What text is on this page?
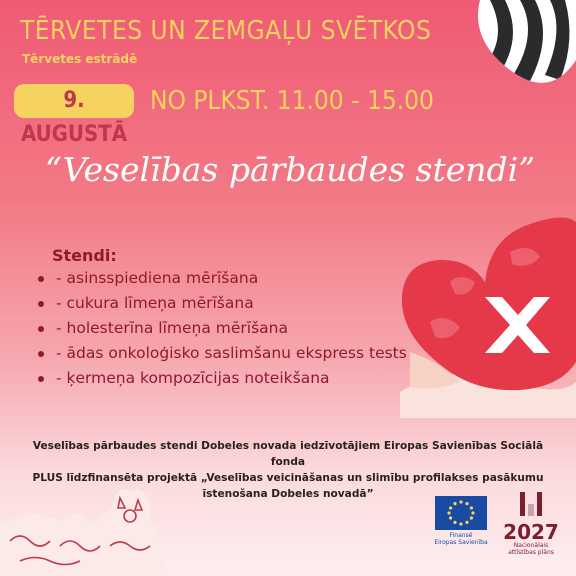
TĒRVETES UN ZEMGAĻU SVĒTKOS
Tērvetes estrādē
9. AUGUSTĀ
NO PLKST. 11.00 - 15.00
“Veselības pārbaudes stendi”
Stendi:
- asinsspiediena mērīšana
- cukura līmeņa mērīšana
- holesterīna līmeņa mērīšana
- ādas onkoloģisko saslimšanu ekspress tests
- ķermeņa kompozīcijas noteikšana
Veselības pārbaudes stendi Dobeles novada iedzīvotājiem Eiropas Savienības Sociālā fonda
PLUS līdzfinansēta projektā „Veselības veicināšanas un slimību profilakses pasākumu
īstenošana Dobeles novadā”
Finansē
Eiropas Savienība 2027
Nacionālais
attīstības plāns
